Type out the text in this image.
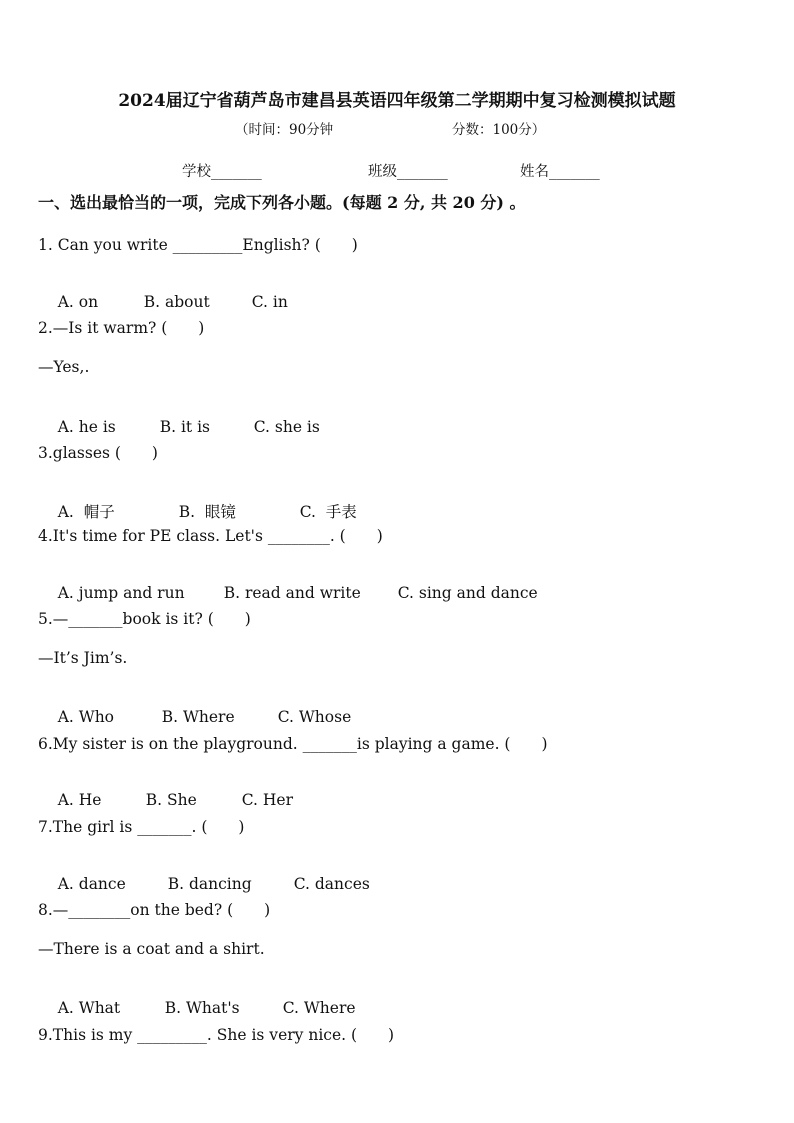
2024届辽宁省葫芦岛市建昌县英语四年级第二学期期中复习检测模拟试题
（时间：90分钟	分数：100分）
学校_______	班级_______	姓名_______
一、选出最恰当的一项，完成下列各小题。(每题 2 分, 共 20 分) 。
1. Can you write _________English? (　　)

A. on	B. about	C. in

2.—Is it warm? (　　)
—Yes,.

A. he is	B. it is	C. she is

3.glasses (　　)

A.  帽子	B.  眼镜	C.  手表

4.It's time for PE class. Let's ________. (　　)

A. jump and run	B. read and write C. sing and dance

5.—_______book is it? (　　)
—It’s Jim’s.

A. Who	B. Where	C. Whose

6.My sister is on the playground. _______is playing a game. (　　)

A. He	B. She	C. Her

7.The girl is _______. (　　)

A. dance	B. dancing	C. dances

8.—________on the bed? (　　)
—There is a coat and a shirt.

A. What	B. What's	C. Where

9.This is my _________. She is very nice. (　　)
